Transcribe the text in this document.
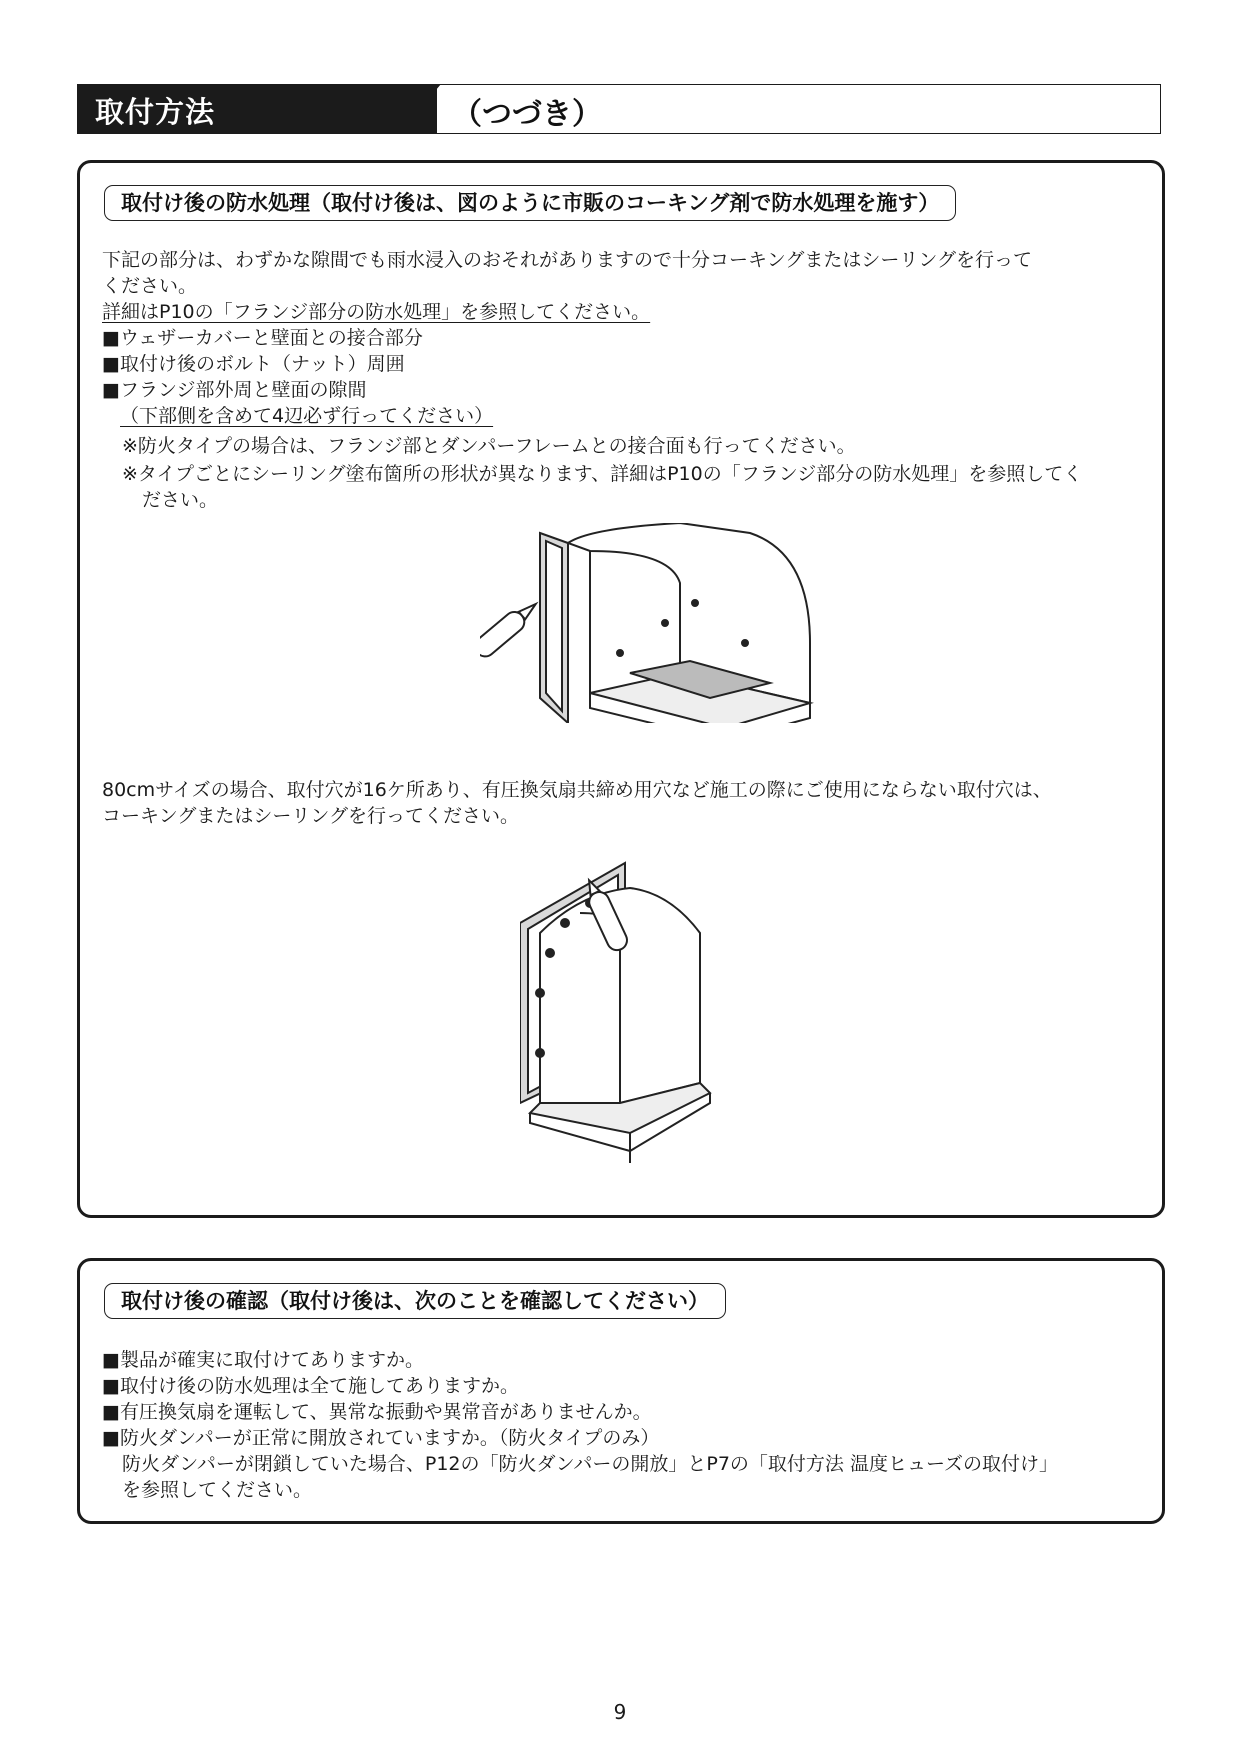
取付方法	（つづき）
取付け後の防水処理（取付け後は、図のように市販のコーキング剤で防水処理を施す）
下記の部分は、わずかな隙間でも雨水浸入のおそれがありますので十分コーキングまたはシーリングを行って
ください。
詳細はP10の「フランジ部分の防水処理」を参照してください。
■ウェザーカバーと壁面との接合部分
■取付け後のボルト（ナット）周囲
■フランジ部外周と壁面の隙間
（下部側を含めて4辺必ず行ってください）
※防火タイプの場合は、フランジ部とダンパーフレームとの接合面も行ってください。
※タイプごとにシーリング塗布箇所の形状が異なります、詳細はP10の「フランジ部分の防水処理」を参照してく
ださい。
80cmサイズの場合、取付穴が16ケ所あり、有圧換気扇共締め用穴など施工の際にご使用にならない取付穴は、
コーキングまたはシーリングを行ってください。
取付け後の確認（取付け後は、次のことを確認してください）
■製品が確実に取付けてありますか。
■取付け後の防水処理は全て施してありますか。
■有圧換気扇を運転して、異常な振動や異常音がありませんか。
■防火ダンパーが正常に開放されていますか。（防火タイプのみ）
防火ダンパーが閉鎖していた場合、P12の「防火ダンパーの開放」とP7の「取付方法 温度ヒューズの取付け」
を参照してください。
9
